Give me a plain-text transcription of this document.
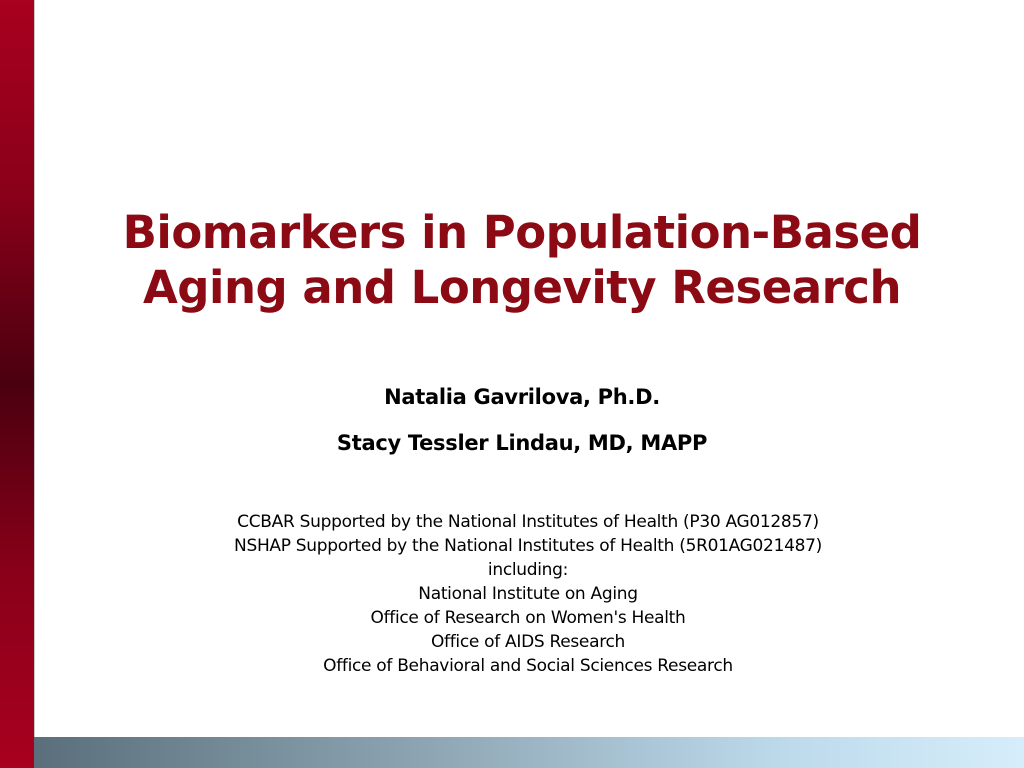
Biomarkers in Population-Based
Aging and Longevity Research

Natalia Gavrilova, Ph.D.

Stacy Tessler Lindau, MD, MAPP

CCBAR Supported by the National Institutes of Health (P30 AG012857)
NSHAP Supported by the National Institutes of Health (5R01AG021487)
including:
National Institute on Aging
Office of Research on Women's Health
Office of AIDS Research
Office of Behavioral and Social Sciences Research
